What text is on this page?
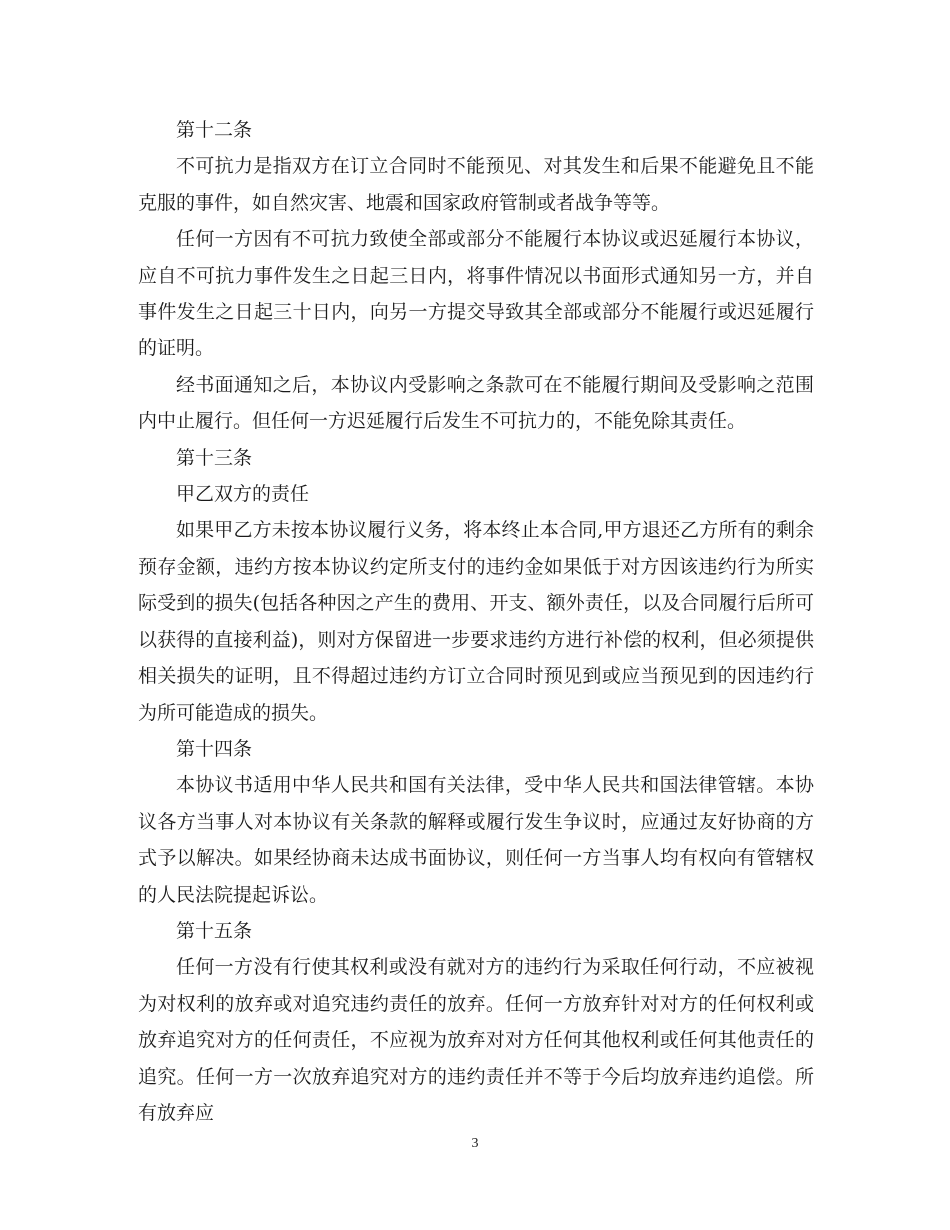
第十二条

不可抗力是指双方在订立合同时不能预见、对其发生和后果不能避免且不能克服的事件，如自然灾害、地震和国家政府管制或者战争等等。

任何一方因有不可抗力致使全部或部分不能履行本协议或迟延履行本协议，应自不可抗力事件发生之日起三日内，将事件情况以书面形式通知另一方，并自事件发生之日起三十日内，向另一方提交导致其全部或部分不能履行或迟延履行的证明。

经书面通知之后，本协议内受影响之条款可在不能履行期间及受影响之范围内中止履行。但任何一方迟延履行后发生不可抗力的，不能免除其责任。

第十三条

甲乙双方的责任

如果甲乙方未按本协议履行义务，将本终止本合同,甲方退还乙方所有的剩余预存金额，违约方按本协议约定所支付的违约金如果低于对方因该违约行为所实际受到的损失(包括各种因之产生的费用、开支、额外责任，以及合同履行后所可以获得的直接利益)，则对方保留进一步要求违约方进行补偿的权利，但必须提供相关损失的证明，且不得超过违约方订立合同时预见到或应当预见到的因违约行为所可能造成的损失。

第十四条

本协议书适用中华人民共和国有关法律，受中华人民共和国法律管辖。本协议各方当事人对本协议有关条款的解释或履行发生争议时，应通过友好协商的方式予以解决。如果经协商未达成书面协议，则任何一方当事人均有权向有管辖权的人民法院提起诉讼。

第十五条

任何一方没有行使其权利或没有就对方的违约行为采取任何行动，不应被视为对权利的放弃或对追究违约责任的放弃。任何一方放弃针对对方的任何权利或放弃追究对方的任何责任，不应视为放弃对对方任何其他权利或任何其他责任的追究。任何一方一次放弃追究对方的违约责任并不等于今后均放弃违约追偿。所有放弃应

3
